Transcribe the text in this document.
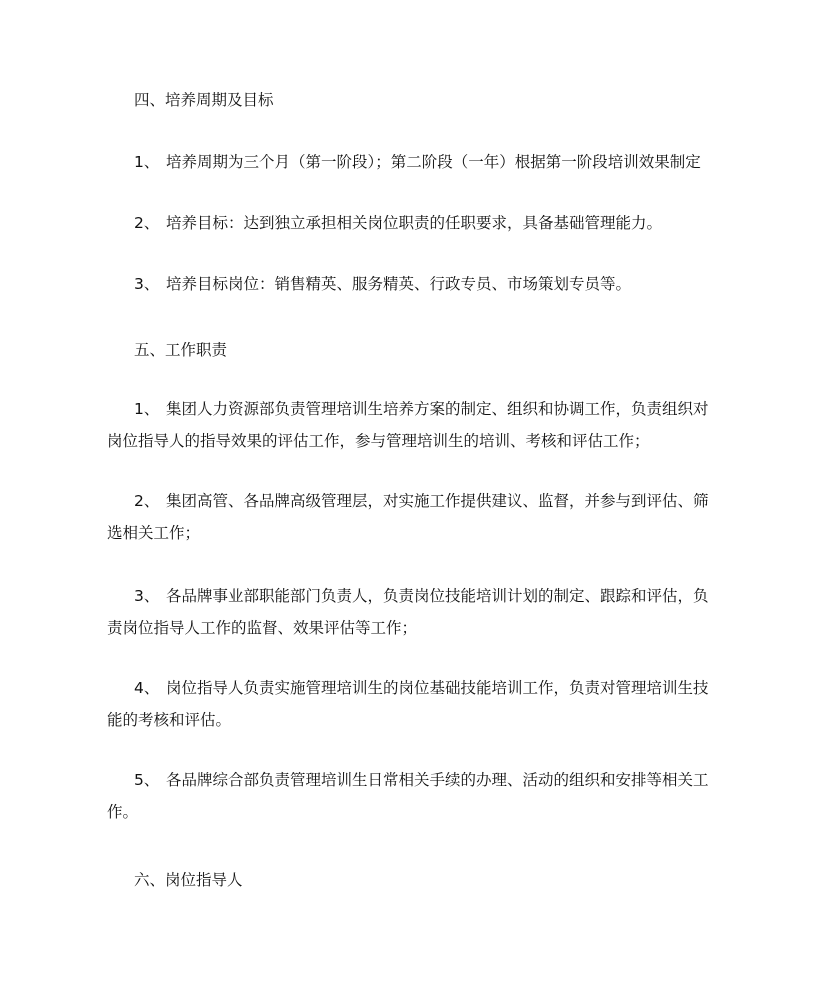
四、培养周期及目标
1、 培养周期为三个月（第一阶段）；第二阶段（一年）根据第一阶段培训效果制定
2、 培养目标：达到独立承担相关岗位职责的任职要求，具备基础管理能力。
3、 培养目标岗位：销售精英、服务精英、行政专员、市场策划专员等。
五、工作职责
1、 集团人力资源部负责管理培训生培养方案的制定、组织和协调工作，负责组织对
岗位指导人的指导效果的评估工作，参与管理培训生的培训、考核和评估工作；
2、 集团高管、各品牌高级管理层，对实施工作提供建议、监督，并参与到评估、筛
选相关工作；
3、 各品牌事业部职能部门负责人，负责岗位技能培训计划的制定、跟踪和评估，负
责岗位指导人工作的监督、效果评估等工作；
4、 岗位指导人负责实施管理培训生的岗位基础技能培训工作，负责对管理培训生技
能的考核和评估。
5、 各品牌综合部负责管理培训生日常相关手续的办理、活动的组织和安排等相关工
作。
六、岗位指导人
